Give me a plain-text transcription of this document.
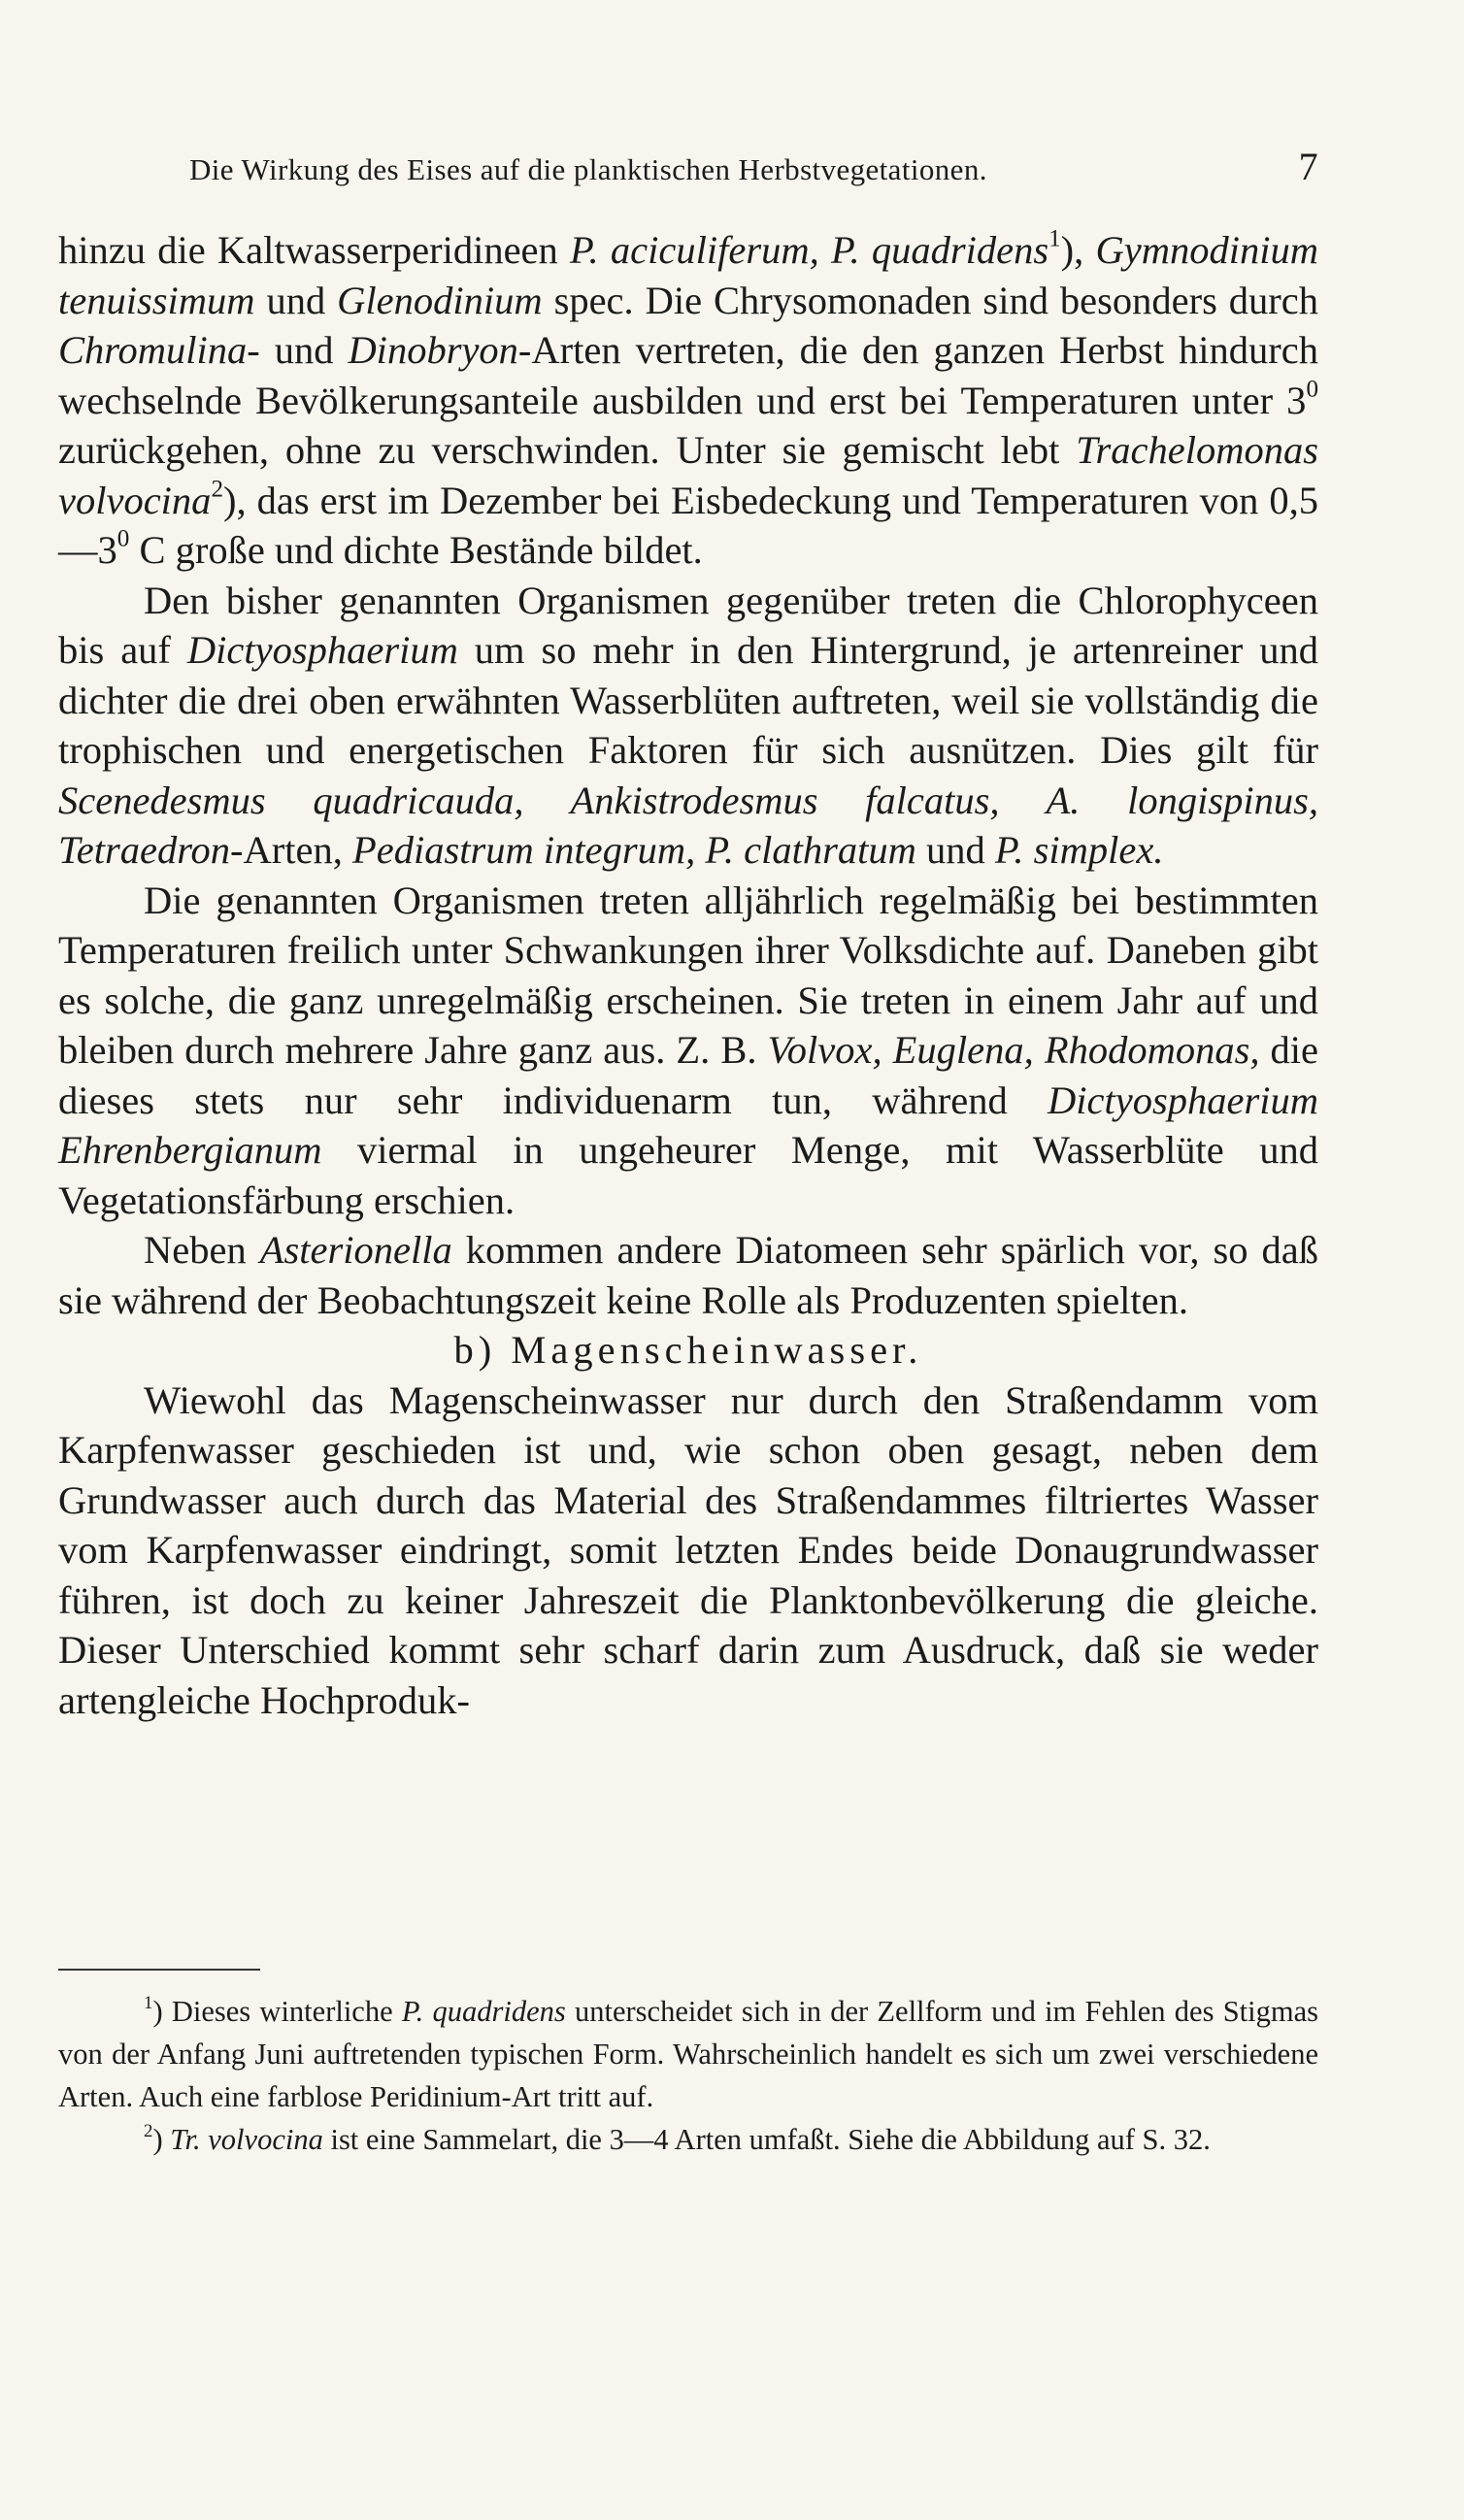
Die Wirkung des Eises auf die planktischen Herbstvegetationen.	7

hinzu die Kaltwasserperidineen P. aciculiferum, P. quadridens$^1$), Gymnodinium tenuissimum und Glenodinium spec. Die Chrysomonaden sind besonders durch Chromulina- und Dinobryon-Arten vertreten, die den ganzen Herbst hindurch wechselnde Bevölkerungsanteile ausbilden und erst bei Temperaturen unter $3^0$ zurückgehen, ohne zu verschwinden. Unter sie gemischt lebt Trachelomonas volvocina$^2$), das erst im Dezember bei Eisbedeckung und Temperaturen von $0,5—3^0$ C große und dichte Bestände bildet.

Den bisher genannten Organismen gegenüber treten die Chlorophyceen bis auf Dictyosphaerium um so mehr in den Hintergrund, je artenreiner und dichter die drei oben erwähnten Wasserblüten auftreten, weil sie vollständig die trophischen und energetischen Faktoren für sich ausnützen. Dies gilt für Scenedesmus quadricauda, Ankistrodesmus falcatus, A. longispinus, Tetraedron-Arten, Pediastrum integrum, P. clathratum und P. simplex.

Die genannten Organismen treten alljährlich regelmäßig bei bestimmten Temperaturen freilich unter Schwankungen ihrer Volksdichte auf. Daneben gibt es solche, die ganz unregelmäßig erscheinen. Sie treten in einem Jahr auf und bleiben durch mehrere Jahre ganz aus. Z. B. Volvox, Euglena, Rhodomonas, die dieses stets nur sehr individuenarm tun, während Dictyosphaerium Ehrenbergianum viermal in ungeheurer Menge, mit Wasserblüte und Vegetationsfärbung erschien.

Neben Asterionella kommen andere Diatomeen sehr spärlich vor, so daß sie während der Beobachtungszeit keine Rolle als Produzenten spielten.

b) Magenscheinwasser.

Wiewohl das Magenscheinwasser nur durch den Straßendamm vom Karpfenwasser geschieden ist und, wie schon oben gesagt, neben dem Grundwasser auch durch das Material des Straßendammes filtriertes Wasser vom Karpfenwasser eindringt, somit letzten Endes beide Donaugrundwasser führen, ist doch zu keiner Jahreszeit die Planktonbevölkerung die gleiche. Dieser Unterschied kommt sehr scharf darin zum Ausdruck, daß sie weder artengleiche Hochproduk-

$^1$) Dieses winterliche P. quadridens unterscheidet sich in der Zellform und im Fehlen des Stigmas von der Anfang Juni auftretenden typischen Form. Wahrscheinlich handelt es sich um zwei verschiedene Arten. Auch eine farblose Peridinium-Art tritt auf.

$^2$) Tr. volvocina ist eine Sammelart, die 3—4 Arten umfaßt. Siehe die Abbildung auf S. 32.
